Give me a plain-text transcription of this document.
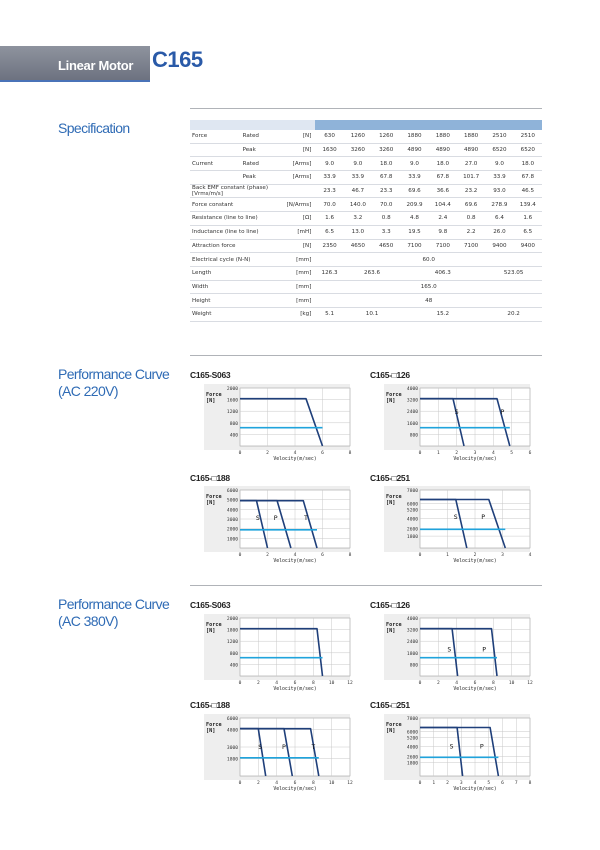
Linear Motor C165
Specification

Force	Rated	[N]	630	1260	1260	1880	1880	1880	2510	2510
	Peak	[N]	1630	3260	3260	4890	4890	4890	6520	6520
Current	Rated	[Arms]	9.0	9.0	18.0	9.0	18.0	27.0	9.0	18.0
	Peak	[Arms]	33.9	33.9	67.8	33.9	67.8	101.7	33.9	67.8

Back EMF constant (phase)
[Vrms/m/s]			23.3	46.7	23.3	69.6	36.6	23.2	93.0	46.5
Force constant		[N/Arms]	70.0	140.0	70.0	209.9	104.4	69.6	278.9	139.4
Resistance (line to line)		[Ω]	1.6	3.2	0.8	4.8	2.4	0.8	6.4	1.6
Inductance (line to line)		[mH]	6.5	13.0	3.3	19.5	9.8	2.2	26.0	6.5
Attraction force		[N]	2350	4650	4650	7100	7100	7100	9400	9400
Electrical cycle (N-N)		[mm]	60.0							
Length		[mm]	126.3	263.6		406.3			523.05	
Width		[mm]	165.0							
Height		[mm]	48							
Weight		[kg]	5.1	10.1		15.2			20.2	
Performance Curve
(AC 220V)
C165-S063
Force
[N]
400
800
1200
1600
2000
0	2	4	6	8
Velocity(m/sec)
C165-□126
Force
[N]
800
1600
2400
3200
4000
0	1	2	3	4	5	6
Velocity(m/sec)
S	P
C165-□188
Force
[N]
1000
2000
3000
4000
5000
6000
0	2	4	6	8
Velocity(m/sec)
S P	T
C165-□251
Force
[N]
1800
2600
4000
5200
6000
7800
0	1	2	3	4
Velocity(m/sec)
S	P
Performance Curve
(AC 380V)
C165-S063
Force
[N]
400
800
1200
1800
2000
0	2	4	6	8	10	12
Velocity(m/sec)
C165-□126
Force
[N]
800
1800
2400
3200
4000
0	2	4	6	8	10	12
Velocity(m/sec)
S	P
C165-□188
Force
[N]
1800
3000
4800
6000
0	2	4	6	8	10	12
Velocity(m/sec)
S	P	T
C165-□251
Force
[N]
1800
2600
4000
5200
6000
7800
0 1 2 3 4 5 6 7 8
Velocity(m/sec)
S	P
